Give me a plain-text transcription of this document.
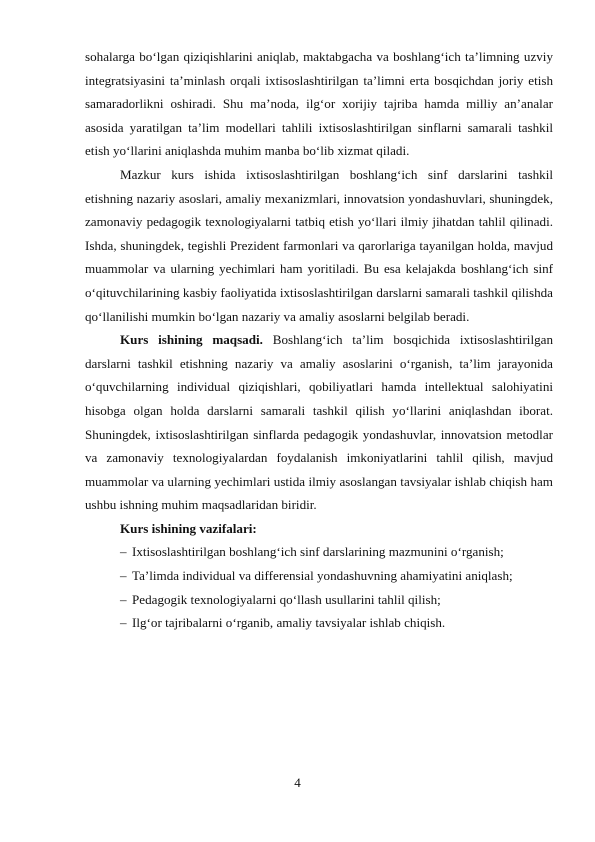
sohalarga bo‘lgan qiziqishlarini aniqlab, maktabgacha va boshlang‘ich ta’limning uzviy integratsiyasini ta’minlash orqali ixtisoslashtirilgan ta’limni erta bosqichdan joriy etish samaradorlikni oshiradi. Shu ma’noda, ilg‘or xorijiy tajriba hamda milliy an’analar asosida yaratilgan ta’lim modellari tahlili ixtisoslashtirilgan sinflarni samarali tashkil etish yo‘llarini aniqlashda muhim manba bo‘lib xizmat qiladi.

Mazkur kurs ishida ixtisoslashtirilgan boshlang‘ich sinf darslarini tashkil etishning nazariy asoslari, amaliy mexanizmlari, innovatsion yondashuvlari, shuningdek, zamonaviy pedagogik texnologiyalarni tatbiq etish yo‘llari ilmiy jihatdan tahlil qilinadi. Ishda, shuningdek, tegishli Prezident farmonlari va qarorlariga tayanilgan holda, mavjud muammolar va ularning yechimlari ham yoritiladi. Bu esa kelajakda boshlang‘ich sinf o‘qituvchilarining kasbiy faoliyatida ixtisoslashtirilgan darslarni samarali tashkil qilishda qo‘llanilishi mumkin bo‘lgan nazariy va amaliy asoslarni belgilab beradi.

Kurs ishining maqsadi. Boshlang‘ich ta’lim bosqichida ixtisoslashtirilgan darslarni tashkil etishning nazariy va amaliy asoslarini o‘rganish, ta’lim jarayonida o‘quvchilarning individual qiziqishlari, qobiliyatlari hamda intellektual salohiyatini hisobga olgan holda darslarni samarali tashkil qilish yo‘llarini aniqlashdan iborat. Shuningdek, ixtisoslashtirilgan sinflarda pedagogik yondashuvlar, innovatsion metodlar va zamonaviy texnologiyalardan foydalanish imkoniyatlarini tahlil qilish, mavjud muammolar va ularning yechimlari ustida ilmiy asoslangan tavsiyalar ishlab chiqish ham ushbu ishning muhim maqsadlaridan biridir.

Kurs ishining vazifalari:

– Ixtisoslashtirilgan boshlang‘ich sinf darslarining mazmunini o‘rganish;
– Ta’limda individual va differensial yondashuvning ahamiyatini aniqlash;
– Pedagogik texnologiyalarni qo‘llash usullarini tahlil qilish;
– Ilg‘or tajribalarni o‘rganib, amaliy tavsiyalar ishlab chiqish.
4
